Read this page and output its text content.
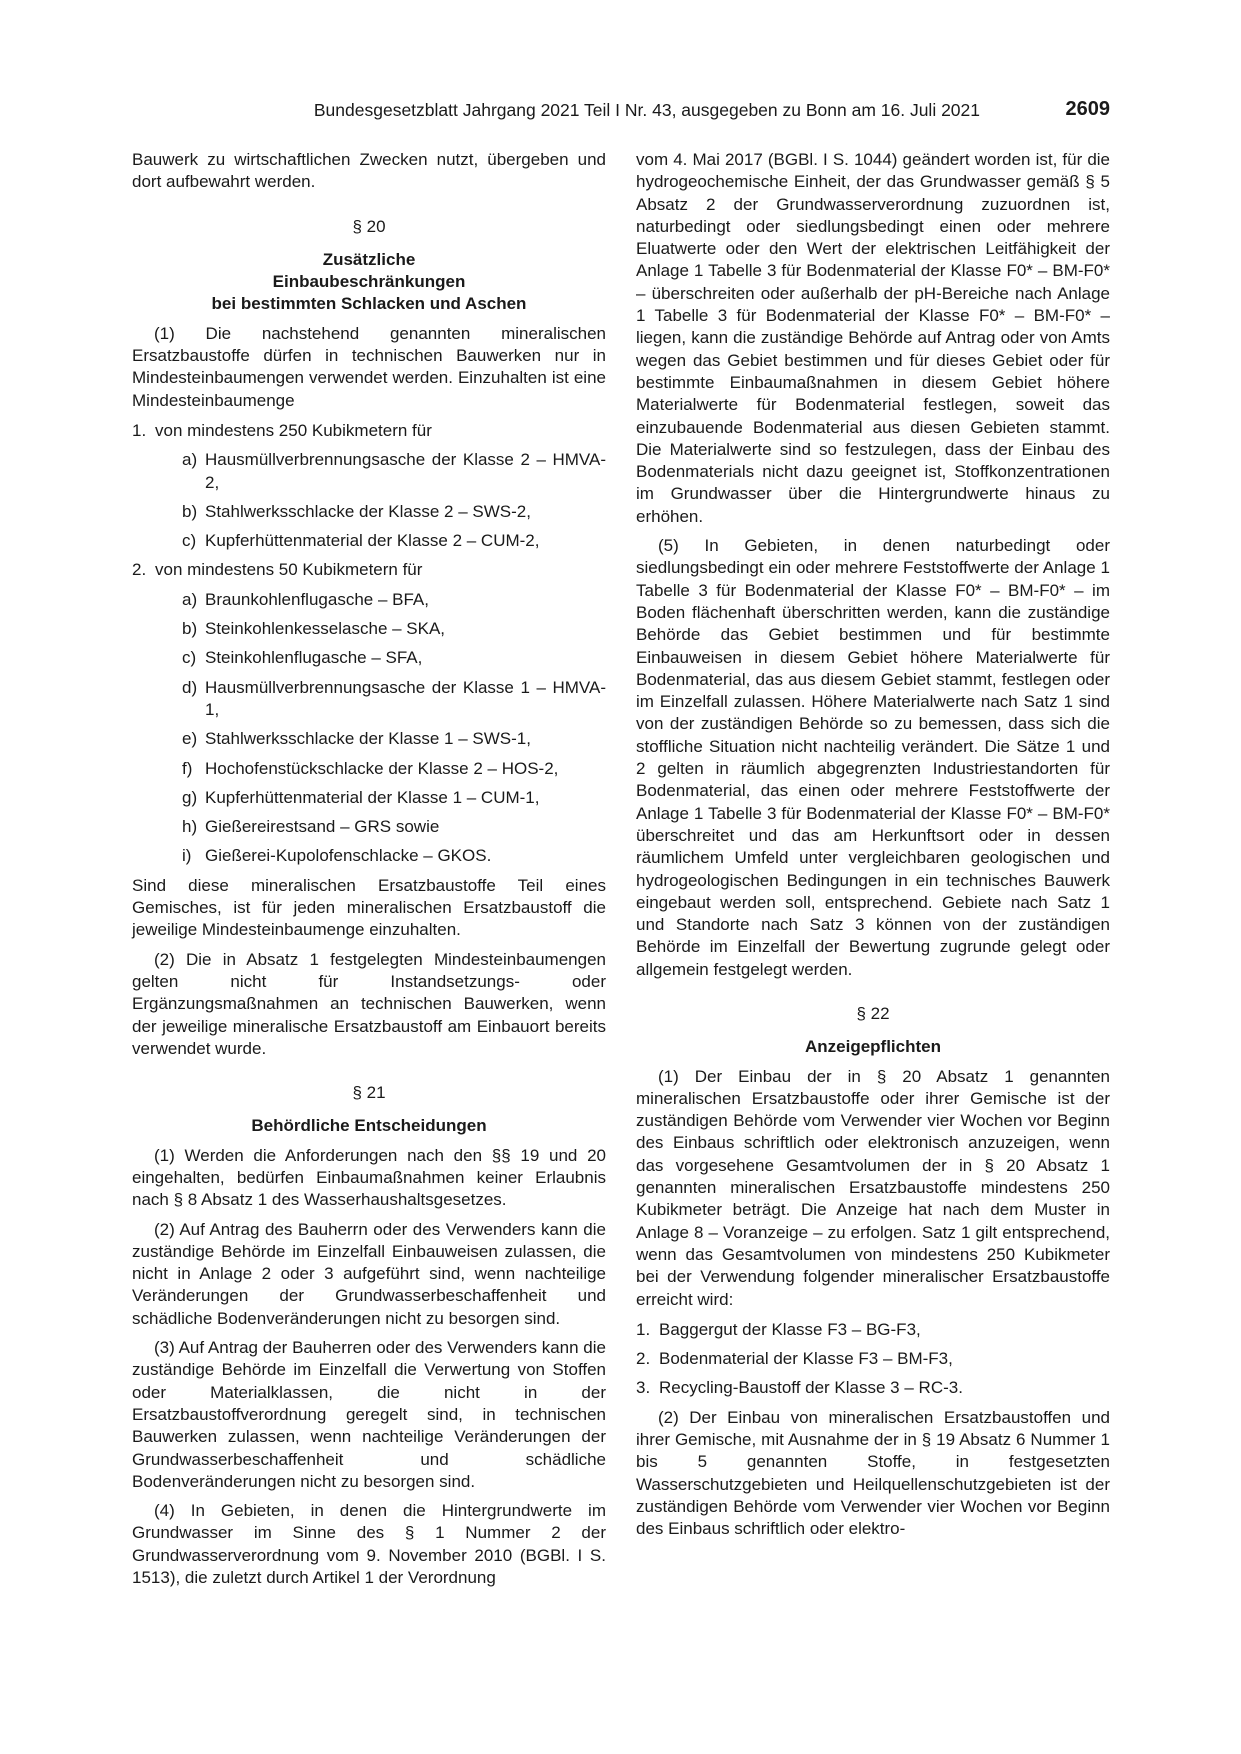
Bundesgesetzblatt Jahrgang 2021 Teil I Nr. 43, ausgegeben zu Bonn am 16. Juli 2021	2609

Bauwerk zu wirtschaftlichen Zwecken nutzt, übergeben und dort aufbewahrt werden.

§ 20

Zusätzliche
Einbaubeschränkungen
bei bestimmten Schlacken und Aschen

(1) Die nachstehend genannten mineralischen Ersatzbaustoffe dürfen in technischen Bauwerken nur in Mindesteinbaumengen verwendet werden. Einzuhalten ist eine Mindesteinbaumenge

1. von mindestens 250 Kubikmetern für
a) Hausmüllverbrennungsasche der Klasse 2 – HMVA-2,
b) Stahlwerksschlacke der Klasse 2 – SWS-2,
c) Kupferhüttenmaterial der Klasse 2 – CUM-2,
2. von mindestens 50 Kubikmetern für
a) Braunkohlenflugasche – BFA,
b) Steinkohlenkesselasche – SKA,
c) Steinkohlenflugasche – SFA,
d) Hausmüllverbrennungsasche der Klasse 1 – HMVA-1,
e) Stahlwerksschlacke der Klasse 1 – SWS-1,
f) Hochofenstückschlacke der Klasse 2 – HOS-2,
g) Kupferhüttenmaterial der Klasse 1 – CUM-1,
h) Gießereirestsand – GRS sowie
i) Gießerei-Kupolofenschlacke – GKOS.

Sind diese mineralischen Ersatzbaustoffe Teil eines Gemisches, ist für jeden mineralischen Ersatzbaustoff die jeweilige Mindesteinbaumenge einzuhalten.

(2) Die in Absatz 1 festgelegten Mindesteinbaumengen gelten nicht für Instandsetzungs- oder Ergänzungsmaßnahmen an technischen Bauwerken, wenn der jeweilige mineralische Ersatzbaustoff am Einbauort bereits verwendet wurde.

§ 21

Behördliche Entscheidungen

(1) Werden die Anforderungen nach den §§ 19 und 20 eingehalten, bedürfen Einbaumaßnahmen keiner Erlaubnis nach § 8 Absatz 1 des Wasserhaushaltsgesetzes.

(2) Auf Antrag des Bauherrn oder des Verwenders kann die zuständige Behörde im Einzelfall Einbauweisen zulassen, die nicht in Anlage 2 oder 3 aufgeführt sind, wenn nachteilige Veränderungen der Grundwasserbeschaffenheit und schädliche Bodenveränderungen nicht zu besorgen sind.

(3) Auf Antrag der Bauherren oder des Verwenders kann die zuständige Behörde im Einzelfall die Verwertung von Stoffen oder Materialklassen, die nicht in der Ersatzbaustoffverordnung geregelt sind, in technischen Bauwerken zulassen, wenn nachteilige Veränderungen der Grundwasserbeschaffenheit und schädliche Bodenveränderungen nicht zu besorgen sind.

(4) In Gebieten, in denen die Hintergrundwerte im Grundwasser im Sinne des § 1 Nummer 2 der Grundwasserverordnung vom 9. November 2010 (BGBl. I S. 1513), die zuletzt durch Artikel 1 der Verordnung

vom 4. Mai 2017 (BGBl. I S. 1044) geändert worden ist, für die hydrogeochemische Einheit, der das Grundwasser gemäß § 5 Absatz 2 der Grundwasserverordnung zuzuordnen ist, naturbedingt oder siedlungsbedingt einen oder mehrere Eluatwerte oder den Wert der elektrischen Leitfähigkeit der Anlage 1 Tabelle 3 für Bodenmaterial der Klasse F0* – BM-F0* – überschreiten oder außerhalb der pH-Bereiche nach Anlage 1 Tabelle 3 für Bodenmaterial der Klasse F0* – BM-F0* – liegen, kann die zuständige Behörde auf Antrag oder von Amts wegen das Gebiet bestimmen und für dieses Gebiet oder für bestimmte Einbaumaßnahmen in diesem Gebiet höhere Materialwerte für Bodenmaterial festlegen, soweit das einzubauende Bodenmaterial aus diesen Gebieten stammt. Die Materialwerte sind so festzulegen, dass der Einbau des Bodenmaterials nicht dazu geeignet ist, Stoffkonzentrationen im Grundwasser über die Hintergrundwerte hinaus zu erhöhen.

(5) In Gebieten, in denen naturbedingt oder siedlungsbedingt ein oder mehrere Feststoffwerte der Anlage 1 Tabelle 3 für Bodenmaterial der Klasse F0* – BM-F0* – im Boden flächenhaft überschritten werden, kann die zuständige Behörde das Gebiet bestimmen und für bestimmte Einbauweisen in diesem Gebiet höhere Materialwerte für Bodenmaterial, das aus diesem Gebiet stammt, festlegen oder im Einzelfall zulassen. Höhere Materialwerte nach Satz 1 sind von der zuständigen Behörde so zu bemessen, dass sich die stoffliche Situation nicht nachteilig verändert. Die Sätze 1 und 2 gelten in räumlich abgegrenzten Industriestandorten für Bodenmaterial, das einen oder mehrere Feststoffwerte der Anlage 1 Tabelle 3 für Bodenmaterial der Klasse F0* – BM-F0* überschreitet und das am Herkunftsort oder in dessen räumlichem Umfeld unter vergleichbaren geologischen und hydrogeologischen Bedingungen in ein technisches Bauwerk eingebaut werden soll, entsprechend. Gebiete nach Satz 1 und Standorte nach Satz 3 können von der zuständigen Behörde im Einzelfall der Bewertung zugrunde gelegt oder allgemein festgelegt werden.

§ 22

Anzeigepflichten

(1) Der Einbau der in § 20 Absatz 1 genannten mineralischen Ersatzbaustoffe oder ihrer Gemische ist der zuständigen Behörde vom Verwender vier Wochen vor Beginn des Einbaus schriftlich oder elektronisch anzuzeigen, wenn das vorgesehene Gesamtvolumen der in § 20 Absatz 1 genannten mineralischen Ersatzbaustoffe mindestens 250 Kubikmeter beträgt. Die Anzeige hat nach dem Muster in Anlage 8 – Voranzeige – zu erfolgen. Satz 1 gilt entsprechend, wenn das Gesamtvolumen von mindestens 250 Kubikmeter bei der Verwendung folgender mineralischer Ersatzbaustoffe erreicht wird:

1. Baggergut der Klasse F3 – BG-F3,
2. Bodenmaterial der Klasse F3 – BM-F3,
3. Recycling-Baustoff der Klasse 3 – RC-3.

(2) Der Einbau von mineralischen Ersatzbaustoffen und ihrer Gemische, mit Ausnahme der in § 19 Absatz 6 Nummer 1 bis 5 genannten Stoffe, in festgesetzten Wasserschutzgebieten und Heilquellenschutzgebieten ist der zuständigen Behörde vom Verwender vier Wochen vor Beginn des Einbaus schriftlich oder elektro-
